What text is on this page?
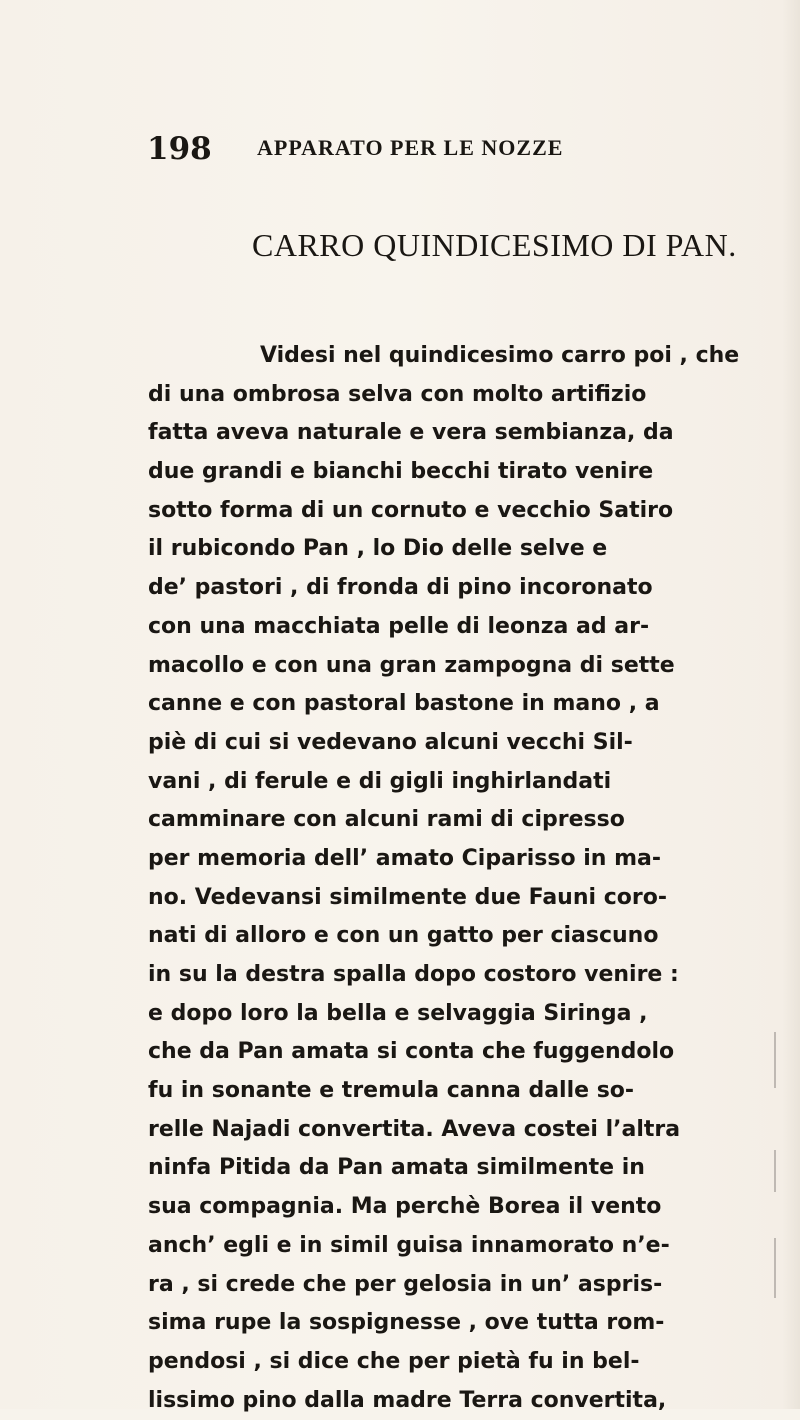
198 APPARATO PER LE NOZZE
CARRO QUINDICESIMO DI PAN.
Videsi nel quindicesimo carro poi , che
di una ombrosa selva con molto artifizio
fatta aveva naturale e vera sembianza, da
due grandi e bianchi becchi tirato venire
sotto forma di un cornuto e vecchio Satiro
il rubicondo Pan , lo Dio delle selve e
de’ pastori , di fronda di pino incoronato
con una macchiata pelle di leonza ad ar-
macollo e con una gran zampogna di sette
canne e con pastoral bastone in mano , a
piè di cui si vedevano alcuni vecchi Sil-
vani , di ferule e di gigli inghirlandati
camminare con alcuni rami di cipresso
per memoria dell’ amato Ciparisso in ma-
no. Vedevansi similmente due Fauni coro-
nati di alloro e con un gatto per ciascuno
in su la destra spalla dopo costoro venire :
e dopo loro la bella e selvaggia Siringa ,
che da Pan amata si conta che fuggendolo
fu in sonante e tremula canna dalle so-
relle Najadi convertita. Aveva costei l’altra
ninfa Pitida da Pan amata similmente in
sua compagnia. Ma perchè Borea il vento
anch’ egli e in simil guisa innamorato n’e-
ra , si crede che per gelosia in un’ aspris-
sima rupe la sospignesse , ove tutta rom-
pendosi , si dice che per pietà fu in bel-
lissimo pino dalla madre Terra convertita,
